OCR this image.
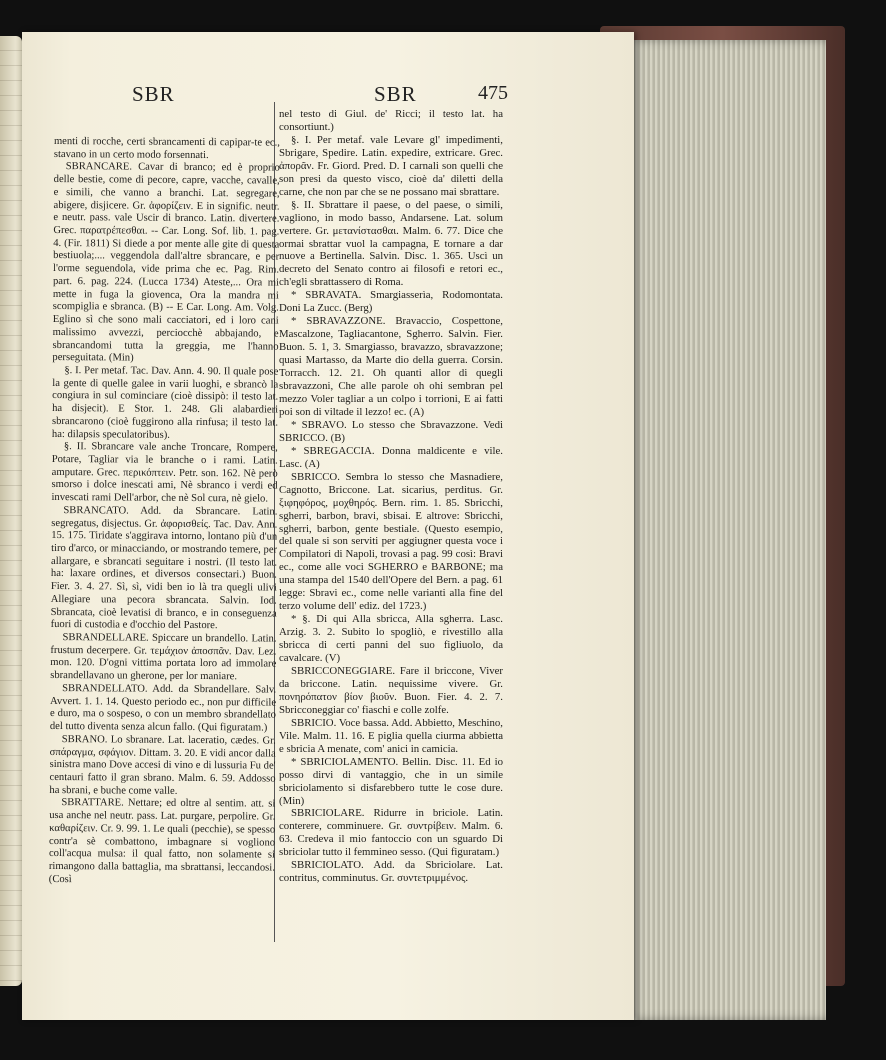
SBR	SBR	475

menti di rocche, certi sbrancamenti di capipar-te ec., stavano in un certo modo forsennati.

SBRANCARE. Cavar di branco; ed è proprio delle bestie, come di pecore, capre, vacche, cavalle, e simili, che vanno a branchi. Lat. segregare, abigere, disjicere. Gr. ἀφορίζειν. E in signific. neutr. e neutr. pass. vale Uscir di branco. Latin. divertere. Grec. παρατρέπεσθαι. -- Car. Long. Sof. lib. 1. pag. 4. (Fir. 1811) Si diede a por mente alle gite di questa bestiuola;.... veggendola dall'altre sbrancare, e per l'orme seguendola, vide prima che ec. Pag. Rim. part. 6. pag. 224. (Lucca 1734) Ateste,... Ora mi mette in fuga la giovenca, Ora la mandra mi scompiglia e sbranca. (B) -- E Car. Long. Am. Volg. Eglino sì che sono mali cacciatori, ed i loro cani malissimo avvezzi, perciocchè abbajando, e sbrancandomi tutta la greggia, me l'hanno perseguitata. (Min)

§. I. Per metaf. Tac. Dav. Ann. 4. 90. Il quale pose la gente di quelle galee in varii luoghi, e sbrancò la congiura in sul cominciare (cioè dissipò: il testo lat. ha disjecit). E Stor. 1. 248. Gli alabardieri sbrancarono (cioè fuggirono alla rinfusa; il testo lat. ha: dilapsis speculatoribus).

§. II. Sbrancare vale anche Troncare, Rompere, Potare, Tagliar via le branche o i rami. Latin. amputare. Grec. περικόπτειν. Petr. son. 162. Nè però smorso i dolce inescati ami, Nè sbranco i verdi ed invescati rami Dell'arbor, che nè Sol cura, nè gielo.

SBRANCATO. Add. da Sbrancare. Latin. segregatus, disjectus. Gr. ἀφορισθείς. Tac. Dav. Ann. 15. 175. Tiridate s'aggirava intorno, lontano più d'un tiro d'arco, or minacciando, or mostrando temere, per allargare, e sbrancati seguitare i nostri. (Il testo lat. ha: laxare ordines, et diversos consectari.) Buon. Fier. 3. 4. 27. Sì, sì, vidi ben io là tra quegli ulivi Allegiare una pecora sbrancata. Salvin. Iod. Sbrancata, cioè levatisi di branco, e in conseguenza fuori di custodia e d'occhio del Pastore.

SBRANDELLARE. Spiccare un brandello. Latin. frustum decerpere. Gr. τεμάχιον ἀποσπᾶν. Dav. Lez. mon. 120. D'ogni vittima portata loro ad immolare sbrandellavano un gherone, per lor maniare.

SBRANDELLATO. Add. da Sbrandellare. Salv. Avvert. 1. 1. 14. Questo periodo ec., non pur difficile e duro, ma o sospeso, o con un membro sbrandellato del tutto diventa senza alcun fallo. (Qui figuratam.)

SBRANO. Lo sbranare. Lat. laceratio, cædes. Gr. σπάραγμα, σφάγιον. Dittam. 3. 20. E vidi ancor dalla sinistra mano Dove accesi di vino e di lussuria Fu de' centauri fatto il gran sbrano. Malm. 6. 59. Addosso ha sbrani, e buche come valle.

SBRATTARE. Nettare; ed oltre al sentim. att. si usa anche nel neutr. pass. Lat. purgare, perpolire. Gr. καθαρίζειν. Cr. 9. 99. 1. Le quali (pecchie), se spesso contr'a sè combattono, imbagnare si vogliono coll'acqua mulsa: il qual fatto, non solamente si rimangono dalla battaglia, ma sbrattansi, leccandosi. (Così

nel testo di Giul. de' Ricci; il testo lat. ha consortiunt.)

§. I. Per metaf. vale Levare gl' impedimenti, Sbrigare, Spedire. Latin. expedire, extricare. Grec. ἀπορᾶν. Fr. Giord. Pred. D. I carnali son quelli che son presi da questo visco, cioè da' diletti della carne, che non par che se ne possano mai sbrattare.

§. II. Sbrattare il paese, o del paese, o simili, vagliono, in modo basso, Andarsene. Lat. solum vertere. Gr. μετανίστασθαι. Malm. 6. 77. Dice che ormai sbrattar vuol la campagna, E tornare a dar nuove a Bertinella. Salvin. Disc. 1. 365. Uscì un decreto del Senato contro ai filosofi e retori ec., ch'egli sbrattassero di Roma.

* SBRAVATA. Smargiasserìa, Rodomontata. Doni La Zucc. (Berg)

* SBRAVAZZONE. Bravaccio, Cospettone, Mascalzone, Tagliacantone, Sgherro. Salvin. Fier. Buon. 5. 1, 3. Smargiasso, bravazzo, sbravazzone; quasi Martasso, da Marte dio della guerra. Corsin. Torracch. 12. 21. Oh quanti allor di quegli sbravazzoni, Che alle parole oh ohi sembran pel mezzo Voler tagliar a un colpo i torrioni, E ai fatti poi son di viltade il lezzo! ec. (A)

* SBRAVO. Lo stesso che Sbravazzone. Vedi SBRICCO. (B)

* SBREGACCIA. Donna maldicente e vile. Lasc. (A)

SBRICCO. Sembra lo stesso che Masnadiere, Cagnotto, Briccone. Lat. sicarius, perditus. Gr. ξιφηφόρος, μοχθηρός. Bern. rim. 1. 85. Sbricchi, sgherri, barbon, bravi, sbisai. E altrove: Sbricchi, sgherri, barbon, gente bestiale. (Questo esempio, del quale si son serviti per aggiugner questa voce i Compilatori di Napoli, trovasi a pag. 99 così: Bravi ec., come alle voci SGHERRO e BARBONE; ma una stampa del 1540 dell'Opere del Bern. a pag. 61 legge: Sbravi ec., come nelle varianti alla fine del terzo volume dell' ediz. del 1723.)

* §. Di qui Alla sbricca, Alla sgherra. Lasc. Arzig. 3. 2. Subito lo spogliò, e rivestillo alla sbricca di certi panni del suo figliuolo, da cavalcare. (V)

SBRICCONEGGIARE. Fare il briccone, Viver da briccone. Latin. nequissime vivere. Gr. πονηρόπατον βίον βιοῦν. Buon. Fier. 4. 2. 7. Sbricconeggiar co' fiaschi e colle zolfe.

SBRICIO. Voce bassa. Add. Abbietto, Meschino, Vile. Malm. 11. 16. E piglia quella ciurma abbietta e sbricia A menate, com' anici in camicia.

* SBRICIOLAMENTO. Bellin. Disc. 11. Ed io posso dirvi di vantaggio, che in un simile sbriciolamento si disfarebbero tutte le cose dure. (Min)

SBRICIOLARE. Ridurre in briciole. Latin. conterere, comminuere. Gr. συντρίβειν. Malm. 6. 63. Credeva il mio fantoccio con un sguardo Di sbriciolar tutto il femmineo sesso. (Qui figuratam.)

SBRICIOLATO. Add. da Sbriciolare. Lat. contritus, comminutus. Gr. συντετριμμένος.
